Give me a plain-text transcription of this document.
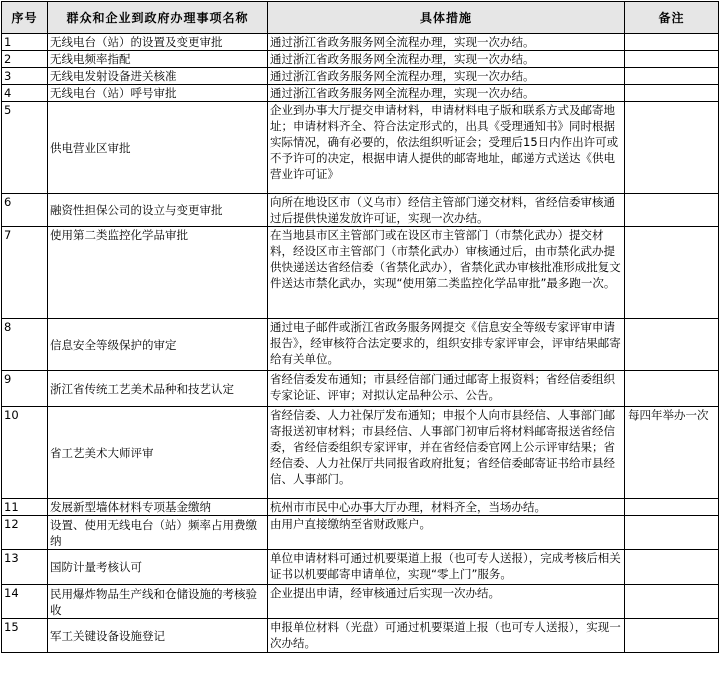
序号	群众和企业到政府办理事项名称	具体措施	备注
1	无线电台（站）的设置及变更审批	通过浙江省政务服务网全流程办理，实现一次办结。	
2	无线电频率指配	通过浙江省政务服务网全流程办理，实现一次办结。	
3	无线电发射设备进关核准	通过浙江省政务服务网全流程办理，实现一次办结。	
4	无线电台（站）呼号审批	通过浙江省政务服务网全流程办理，实现一次办结。	
5	供电营业区审批	企业到办事大厅提交申请材料，申请材料电子版和联系方式及邮寄地址；申请材料齐全、符合法定形式的，出具《受理通知书》同时根据实际情况，确有必要的，依法组织听证会；受理后15日内作出许可或不予许可的决定，根据申请人提供的邮寄地址，邮递方式送达《供电营业许可证》	
6	融资性担保公司的设立与变更审批	向所在地设区市（义乌市）经信主管部门递交材料，省经信委审核通过后提供快递发放许可证，实现一次办结。	
7	使用第二类监控化学品审批	在当地县市区主管部门或在设区市主管部门（市禁化武办）提交材料，经设区市主管部门（市禁化武办）审核通过后，由市禁化武办提供快递送达省经信委（省禁化武办），省禁化武办审核批准形成批复文件送达市禁化武办，实现“使用第二类监控化学品审批”最多跑一次。	
8	信息安全等级保护的审定	通过电子邮件或浙江省政务服务网提交《信息安全等级专家评审申请报告》，经审核符合法定要求的，组织安排专家评审会，评审结果邮寄给有关单位。	
9	浙江省传统工艺美术品种和技艺认定	省经信委发布通知；市县经信部门通过邮寄上报资料；省经信委组织专家论证、评审；对拟认定品种公示、公告。	
10	省工艺美术大师评审	省经信委、人力社保厅发布通知；申报个人向市县经信、人事部门邮寄报送初审材料；市县经信、人事部门初审后将材料邮寄报送省经信委，省经信委组织专家评审，并在省经信委官网上公示评审结果；省经信委、人力社保厅共同报省政府批复；省经信委邮寄证书给市县经信、人事部门。	每四年举办一次
11	发展新型墙体材料专项基金缴纳	杭州市市民中心办事大厅办理，材料齐全，当场办结。	
12	设置、使用无线电台（站）频率占用费缴纳	由用户直接缴纳至省财政账户。	
13	国防计量考核认可	单位申请材料可通过机要渠道上报（也可专人送报），完成考核后相关证书以机要邮寄申请单位，实现“零上门”服务。	
14	民用爆炸物品生产线和仓储设施的考核验收	企业提出申请，经审核通过后实现一次办结。	
15	军工关键设备设施登记	申报单位材料（光盘）可通过机要渠道上报（也可专人送报），实现一次办结。	
